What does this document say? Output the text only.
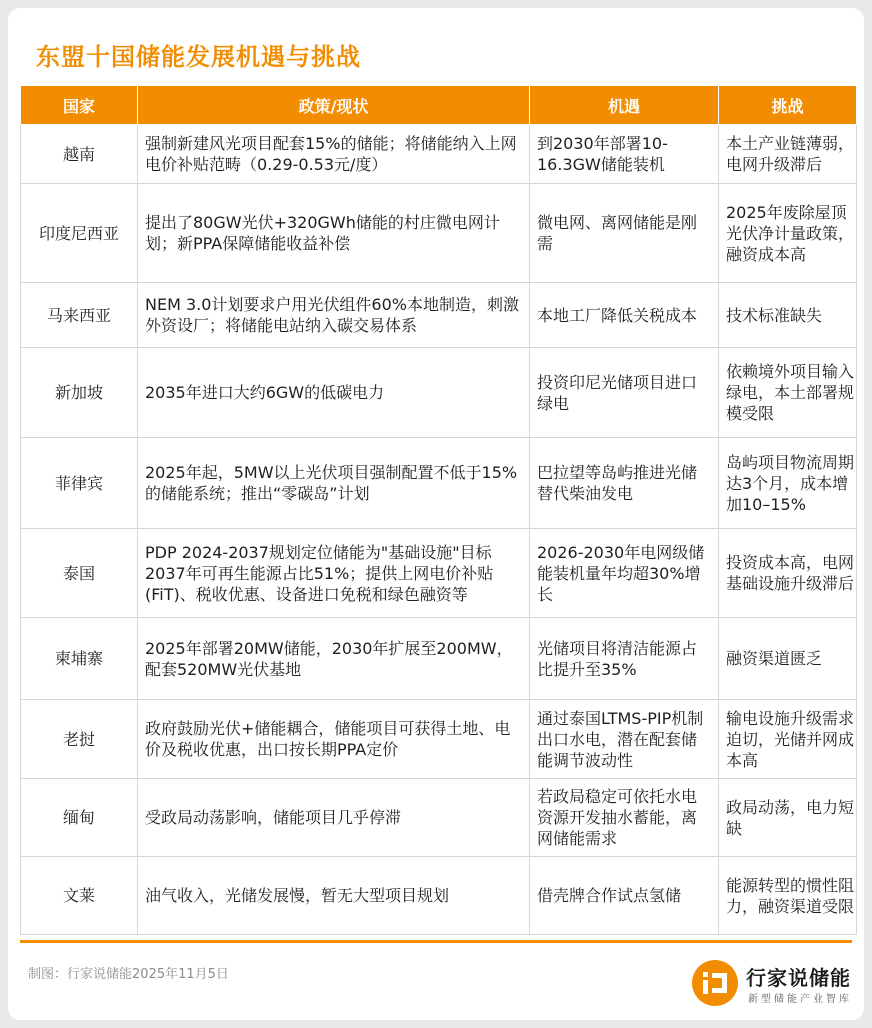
东盟十国储能发展机遇与挑战
国家	政策/现状	机遇	挑战
越南	强制新建风光项目配套15%的储能；将储能纳入上网电价补贴范畴（0.29-0.53元/度）	到2030年部署10-16.3GW储能装机	本土产业链薄弱，电网升级滞后
印度尼西亚	提出了80GW光伏+320GWh储能的村庄微电网计划；新PPA保障储能收益补偿	微电网、离网储能是刚需	2025年废除屋顶光伏净计量政策，融资成本高
马来西亚	NEM 3.0计划要求户用光伏组件60%本地制造，刺激外资设厂；将储能电站纳入碳交易体系	本地工厂降低关税成本	技术标准缺失
新加坡	2035年进口大约6GW的低碳电力	投资印尼光储项目进口绿电	依赖境外项目输入绿电，本土部署规模受限
菲律宾	2025年起，5MW以上光伏项目强制配置不低于15%的储能系统；推出“零碳岛”计划	巴拉望等岛屿推进光储替代柴油发电	岛屿项目物流周期达3个月，成本增加10–15%
泰国	PDP 2024-2037规划定位储能为"基础设施"目标2037年可再生能源占比51%；提供上网电价补贴(FiT)、税收优惠、设备进口免税和绿色融资等	2026-2030年电网级储能装机量年均超30%增长	投资成本高，电网基础设施升级滞后
柬埔寨	2025年部署20MW储能，2030年扩展至200MW，配套520MW光伏基地	光储项目将清洁能源占比提升至35%	融资渠道匮乏
老挝	政府鼓励光伏+储能耦合，储能项目可获得土地、电价及税收优惠，出口按长期PPA定价	通过泰国LTMS-PIP机制出口水电，潜在配套储能调节波动性	输电设施升级需求迫切，光储并网成本高
缅甸	受政局动荡影响，储能项目几乎停滞	若政局稳定可依托水电资源开发抽水蓄能，离网储能需求	政局动荡，电力短缺
文莱	油气收入，光储发展慢，暂无大型项目规划	借壳牌合作试点氢储	能源转型的惯性阻力，融资渠道受限
制图：行家说储能2025年11月5日	行家说储能
新型储能产业智库
